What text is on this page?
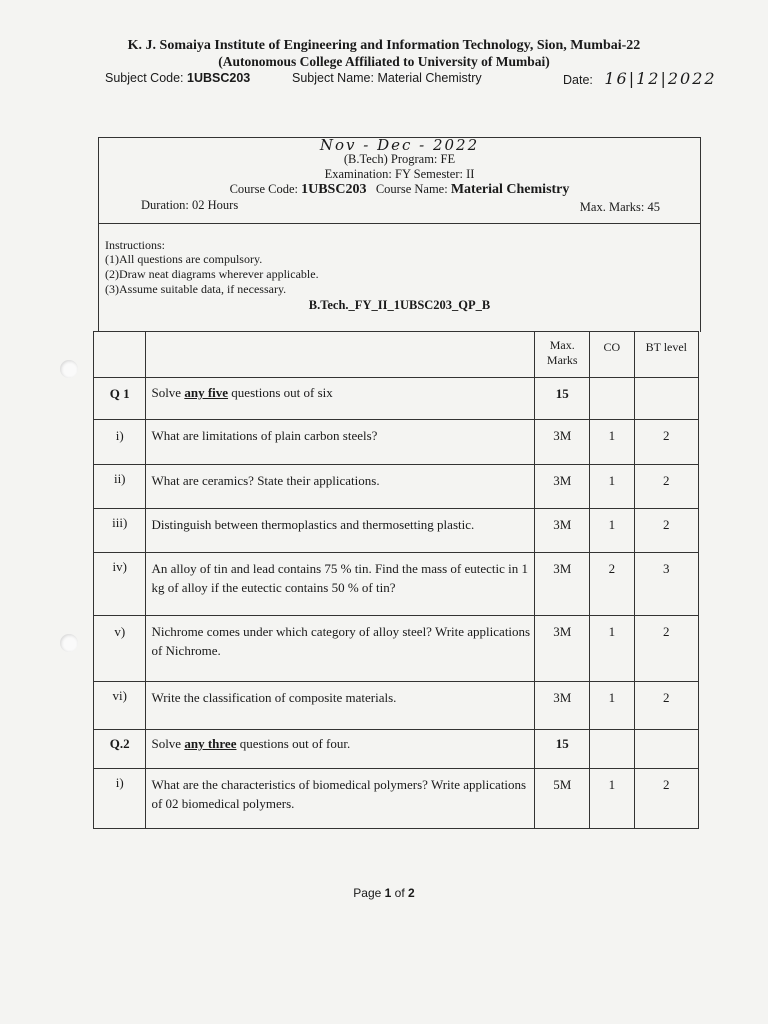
K. J. Somaiya Institute of Engineering and Information Technology, Sion, Mumbai-22
(Autonomous College Affiliated to University of Mumbai)
Subject Code: 1UBSC203	Subject Name: Material Chemistry	Date: 16|12|2022
Nov - Dec - 2022
(B.Tech) Program: FE
Examination: FY Semester: II
Course Code: 1UBSC203 Course Name: Material Chemistry
Duration: 02 Hours	Max. Marks: 45
Instructions:
(1)All questions are compulsory.
(2)Draw neat diagrams wherever applicable.
(3)Assume suitable data, if necessary.
B.Tech._FY_II_1UBSC203_QP_B
		Max. Marks	CO	BT level
Q 1	Solve any five questions out of six	15		
i)	What are limitations of plain carbon steels?	3M	1	2
ii)	What are ceramics? State their applications.	3M	1	2
iii)	Distinguish between thermoplastics and thermosetting plastic.	3M	1	2
iv)	An alloy of tin and lead contains 75 % tin. Find the mass of eutectic in 1 kg of alloy if the eutectic contains 50 % of tin?	3M	2	3
v)	Nichrome comes under which category of alloy steel? Write applications of Nichrome.	3M	1	2
vi)	Write the classification of composite materials.	3M	1	2
Q.2	Solve any three questions out of four.	15		
i)	What are the characteristics of biomedical polymers? Write applications of 02 biomedical polymers.	5M	1	2
Page 1 of 2
